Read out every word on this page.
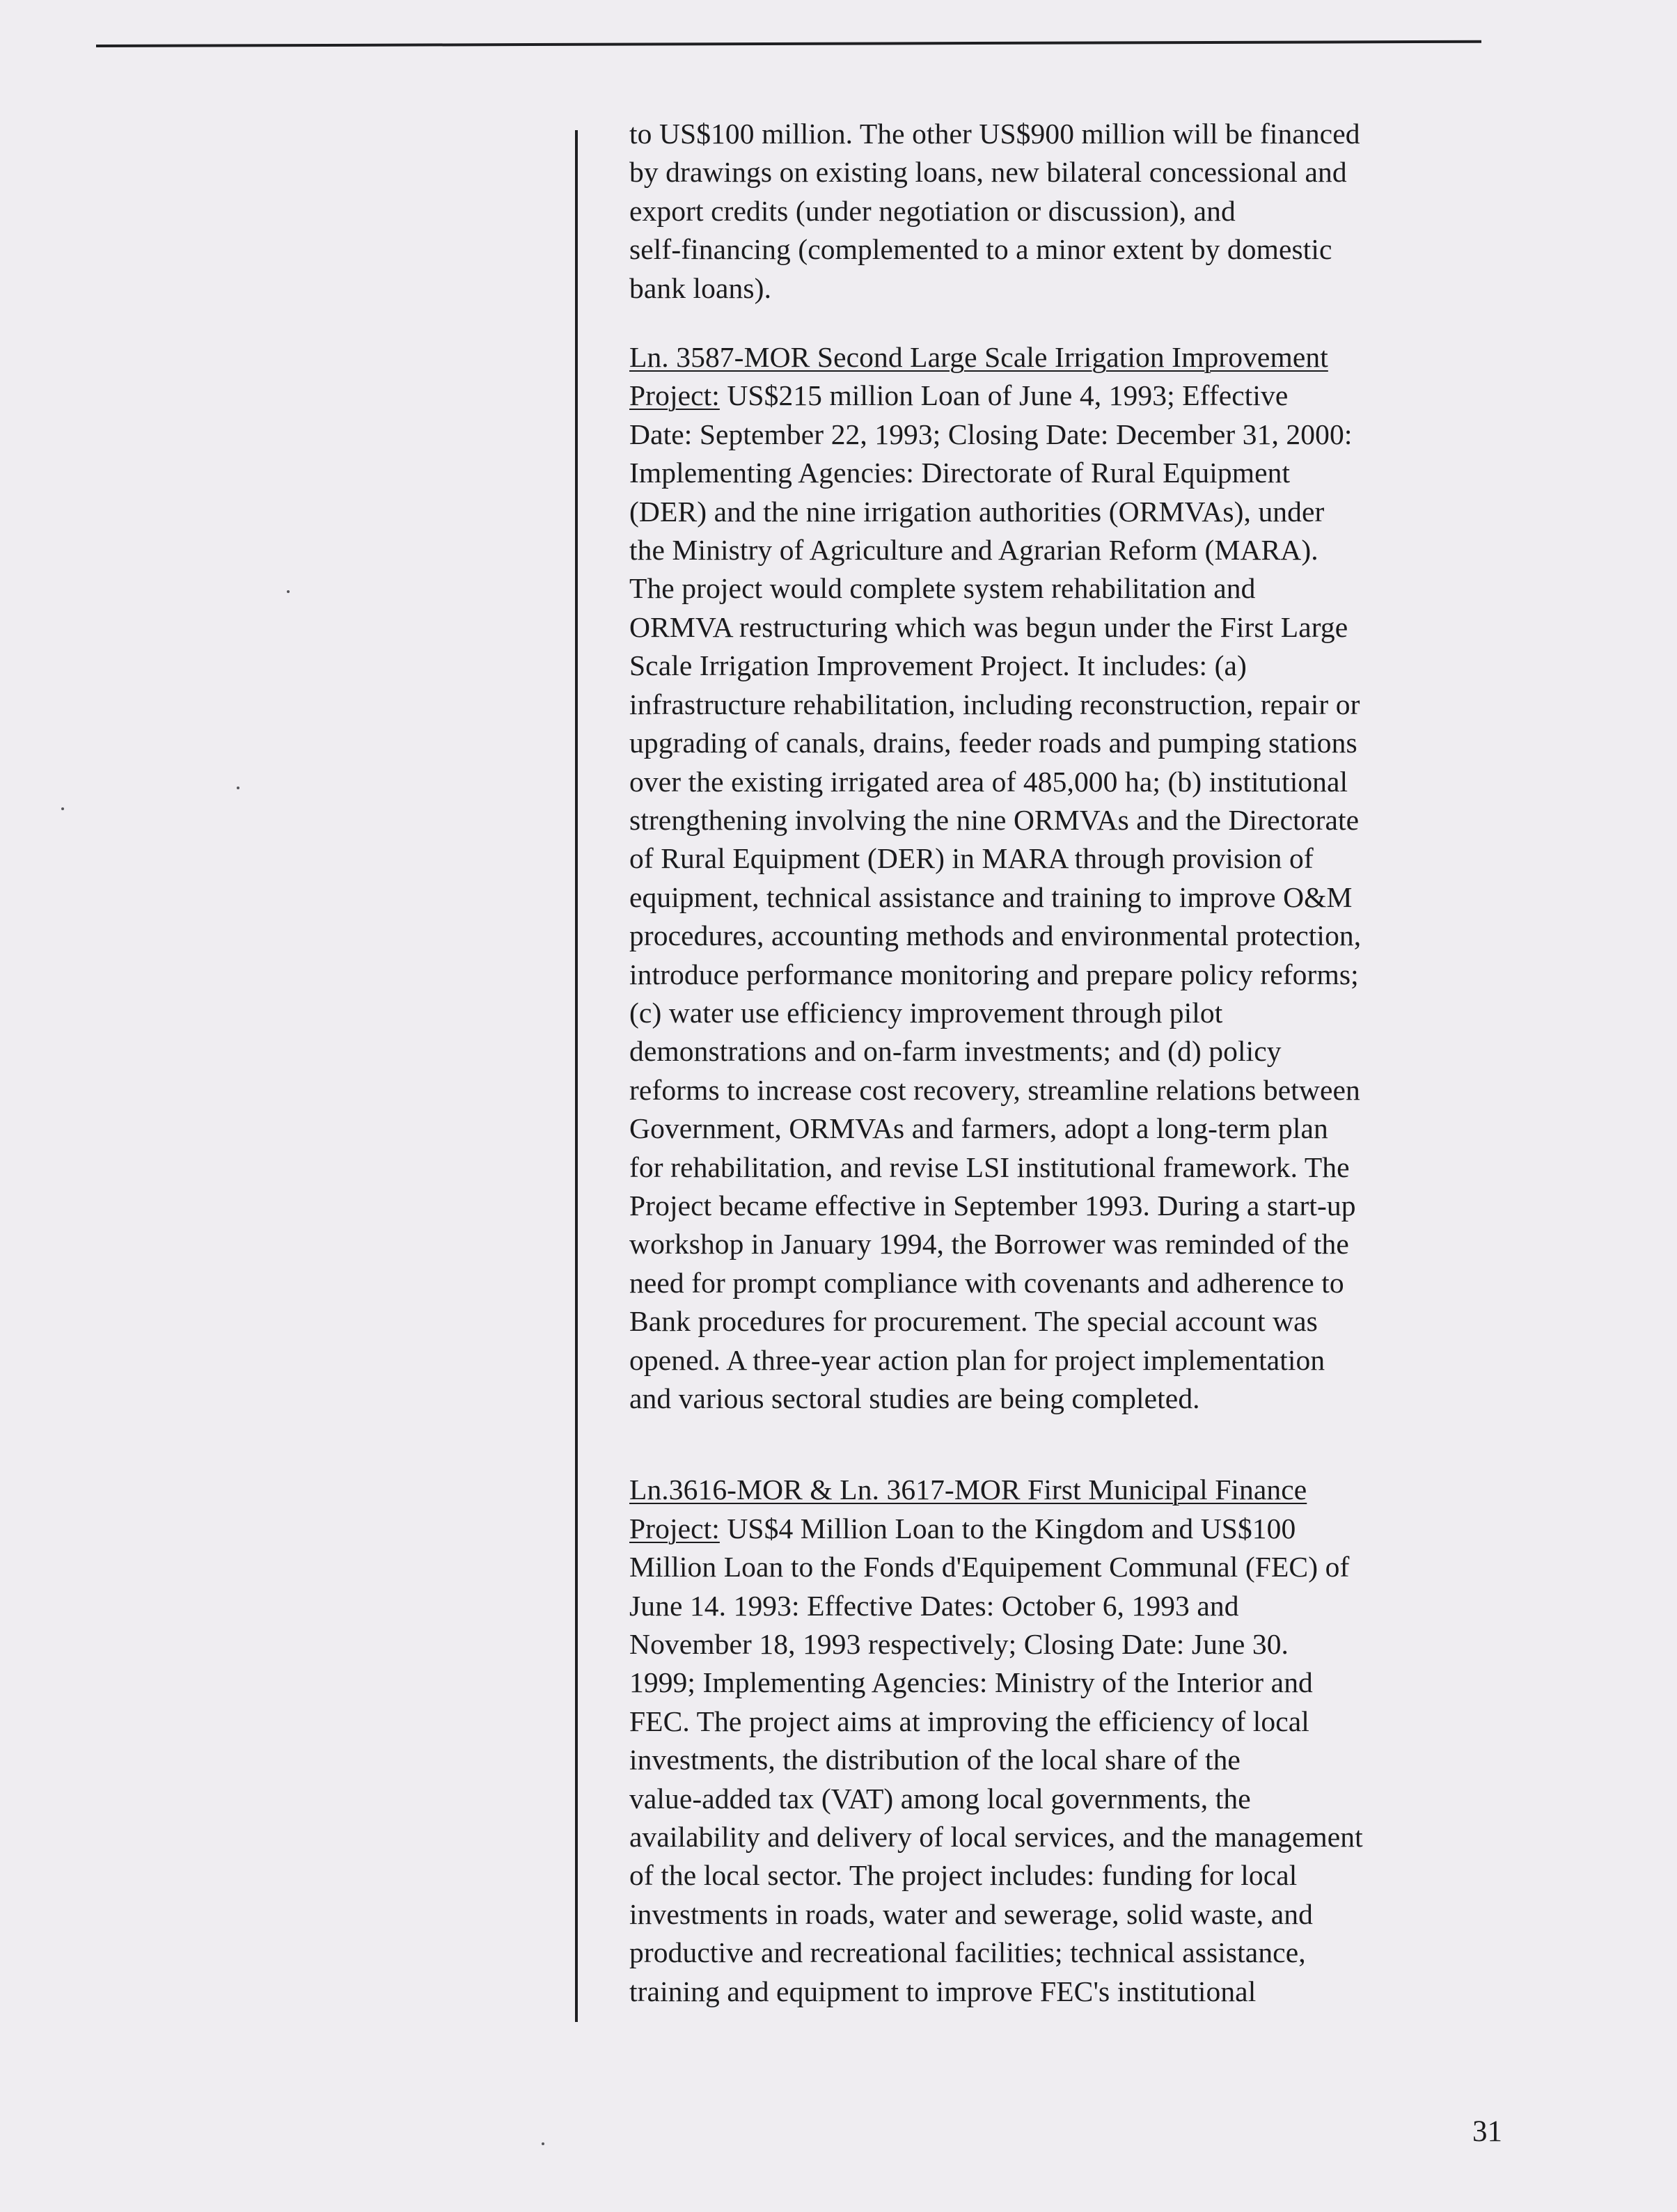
to US$100 million. The other US$900 million will be financed
by drawings on existing loans, new bilateral concessional and
export credits (under negotiation or discussion), and
self-financing (complemented to a minor extent by domestic
bank loans).

Ln. 3587-MOR Second Large Scale Irrigation Improvement
Project: US$215 million Loan of June 4, 1993; Effective
Date: September 22, 1993; Closing Date: December 31, 2000:
Implementing Agencies: Directorate of Rural Equipment
(DER) and the nine irrigation authorities (ORMVAs), under
the Ministry of Agriculture and Agrarian Reform (MARA).
The project would complete system rehabilitation and
ORMVA restructuring which was begun under the First Large
Scale Irrigation Improvement Project. It includes: (a)
infrastructure rehabilitation, including reconstruction, repair or
upgrading of canals, drains, feeder roads and pumping stations
over the existing irrigated area of 485,000 ha; (b) institutional
strengthening involving the nine ORMVAs and the Directorate
of Rural Equipment (DER) in MARA through provision of
equipment, technical assistance and training to improve O&M
procedures, accounting methods and environmental protection,
introduce performance monitoring and prepare policy reforms;
(c) water use efficiency improvement through pilot
demonstrations and on-farm investments; and (d) policy
reforms to increase cost recovery, streamline relations between
Government, ORMVAs and farmers, adopt a long-term plan
for rehabilitation, and revise LSI institutional framework. The
Project became effective in September 1993. During a start-up
workshop in January 1994, the Borrower was reminded of the
need for prompt compliance with covenants and adherence to
Bank procedures for procurement. The special account was
opened. A three-year action plan for project implementation
and various sectoral studies are being completed.

Ln.3616-MOR & Ln. 3617-MOR First Municipal Finance
Project: US$4 Million Loan to the Kingdom and US$100
Million Loan to the Fonds d'Equipement Communal (FEC) of
June 14. 1993: Effective Dates: October 6, 1993 and
November 18, 1993 respectively; Closing Date: June 30.
1999; Implementing Agencies: Ministry of the Interior and
FEC. The project aims at improving the efficiency of local
investments, the distribution of the local share of the
value-added tax (VAT) among local governments, the
availability and delivery of local services, and the management
of the local sector. The project includes: funding for local
investments in roads, water and sewerage, solid waste, and
productive and recreational facilities; technical assistance,
training and equipment to improve FEC's institutional

31
